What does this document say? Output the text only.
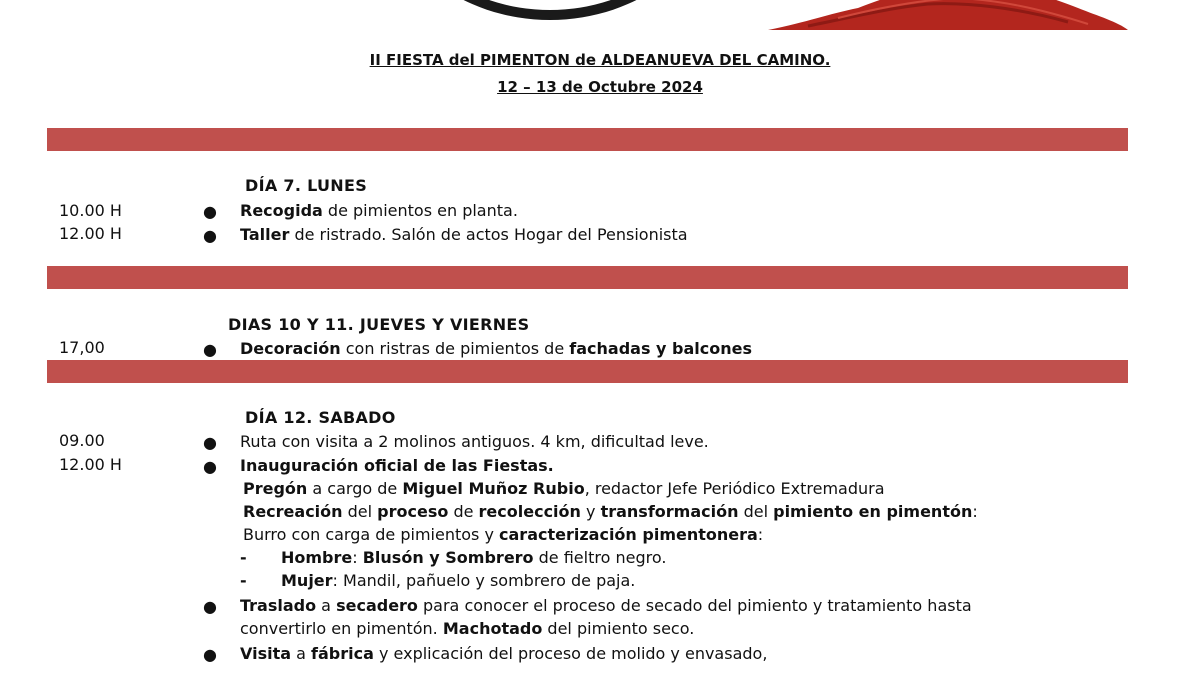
II FIESTA del PIMENTON de ALDEANUEVA DEL CAMINO.
12 – 13 de Octubre 2024
DÍA 7. LUNES
10.00 H	● Recogida de pimientos en planta.
12.00 H	● Taller de ristrado. Salón de actos Hogar del Pensionista
DIAS 10 Y 11. JUEVES Y VIERNES
17,00	● Decoración con ristras de pimientos de fachadas y balcones
DÍA 12. SABADO
09.00	● Ruta con visita a 2 molinos antiguos. 4 km, dificultad leve.
12.00 H	● Inauguración oficial de las Fiestas.
Pregón a cargo de Miguel Muñoz Rubio, redactor Jefe Periódico Extremadura
Recreación del proceso de recolección y transformación del pimiento en pimentón:
Burro con carga de pimientos y caracterización pimentonera:
- Hombre: Blusón y Sombrero de fieltro negro.
- Mujer: Mandil, pañuelo y sombrero de paja.
● Traslado a secadero para conocer el proceso de secado del pimiento y tratamiento hasta
convertirlo en pimentón. Machotado del pimiento seco.
● Visita a fábrica y explicación del proceso de molido y envasado,
